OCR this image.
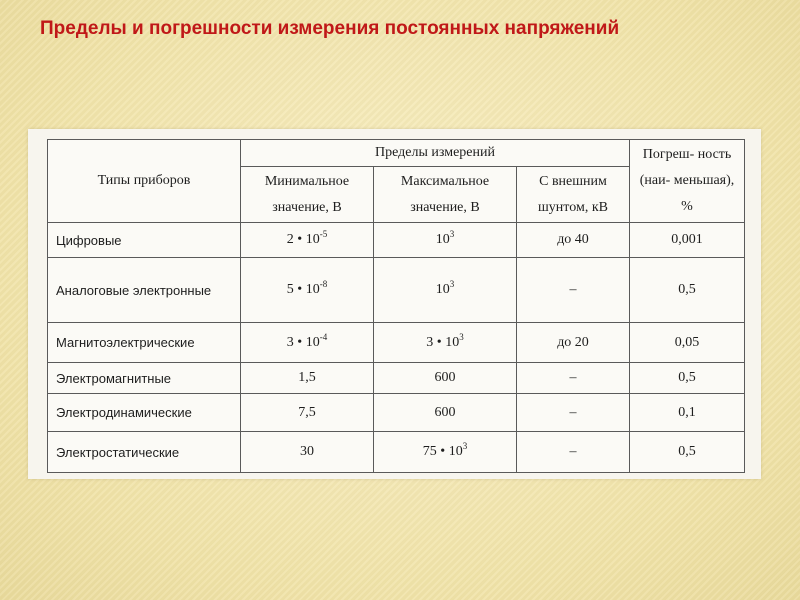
Пределы и погрешности измерения постоянных напряжений
Типы приборов	Пределы измерений			Погреш- ность (наи- меньшая), %
	Минимальное значение, В	Максимальное значение, В	С внешним шунтом, кВ	
Цифровые	2 • $10^{-5}$	$10^3$	до 40	0,001
Аналоговые электронные	5 • $10^{-8}$	$10^3$	–	0,5
Магнитоэлектрические	3 • $10^{-4}$	3 • $10^3$	до 20	0,05
Электромагнитные	1,5	600	–	0,5
Электродинамические	7,5	600	–	0,1
Электростатические	30	75 • $10^3$	–	0,5
